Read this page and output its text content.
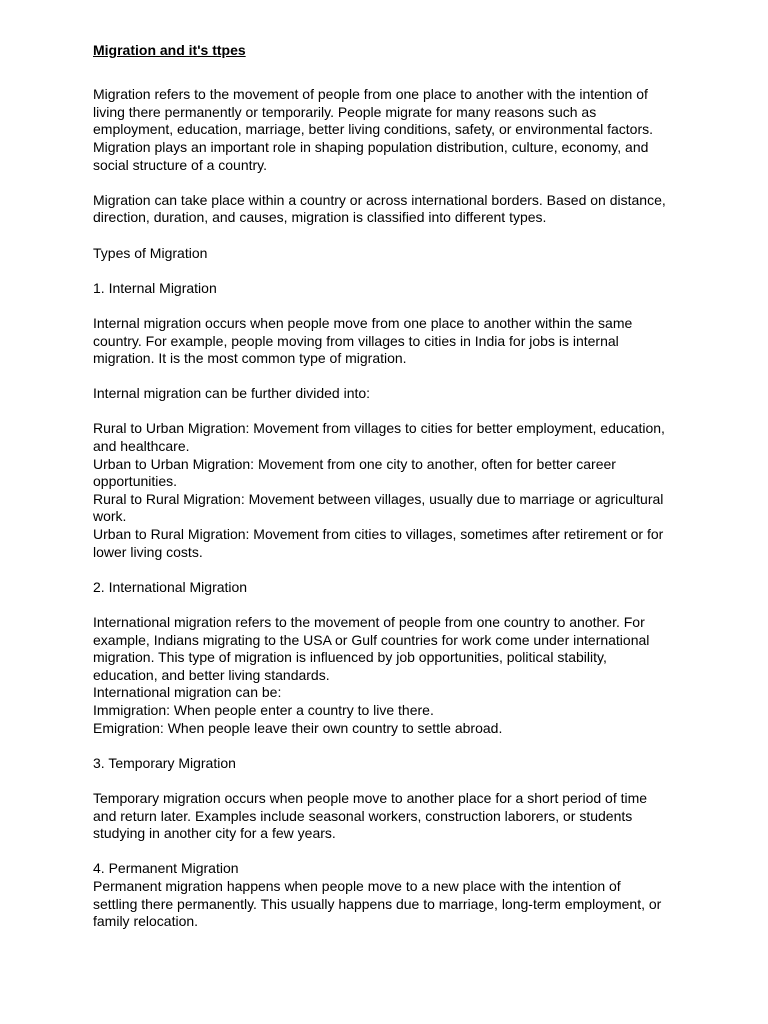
Migration and it's ttpes

Migration refers to the movement of people from one place to another with the intention of
living there permanently or temporarily. People migrate for many reasons such as
employment, education, marriage, better living conditions, safety, or environmental factors.
Migration plays an important role in shaping population distribution, culture, economy, and
social structure of a country.

Migration can take place within a country or across international borders. Based on distance,
direction, duration, and causes, migration is classified into different types.

Types of Migration

1. Internal Migration

Internal migration occurs when people move from one place to another within the same
country. For example, people moving from villages to cities in India for jobs is internal
migration. It is the most common type of migration.

Internal migration can be further divided into:

Rural to Urban Migration: Movement from villages to cities for better employment, education,
and healthcare.
Urban to Urban Migration: Movement from one city to another, often for better career
opportunities.
Rural to Rural Migration: Movement between villages, usually due to marriage or agricultural
work.
Urban to Rural Migration: Movement from cities to villages, sometimes after retirement or for
lower living costs.

2. International Migration

International migration refers to the movement of people from one country to another. For
example, Indians migrating to the USA or Gulf countries for work come under international
migration. This type of migration is influenced by job opportunities, political stability,
education, and better living standards.
International migration can be:
Immigration: When people enter a country to live there.
Emigration: When people leave their own country to settle abroad.

3. Temporary Migration

Temporary migration occurs when people move to another place for a short period of time
and return later. Examples include seasonal workers, construction laborers, or students
studying in another city for a few years.

4. Permanent Migration
Permanent migration happens when people move to a new place with the intention of
settling there permanently. This usually happens due to marriage, long-term employment, or
family relocation.
